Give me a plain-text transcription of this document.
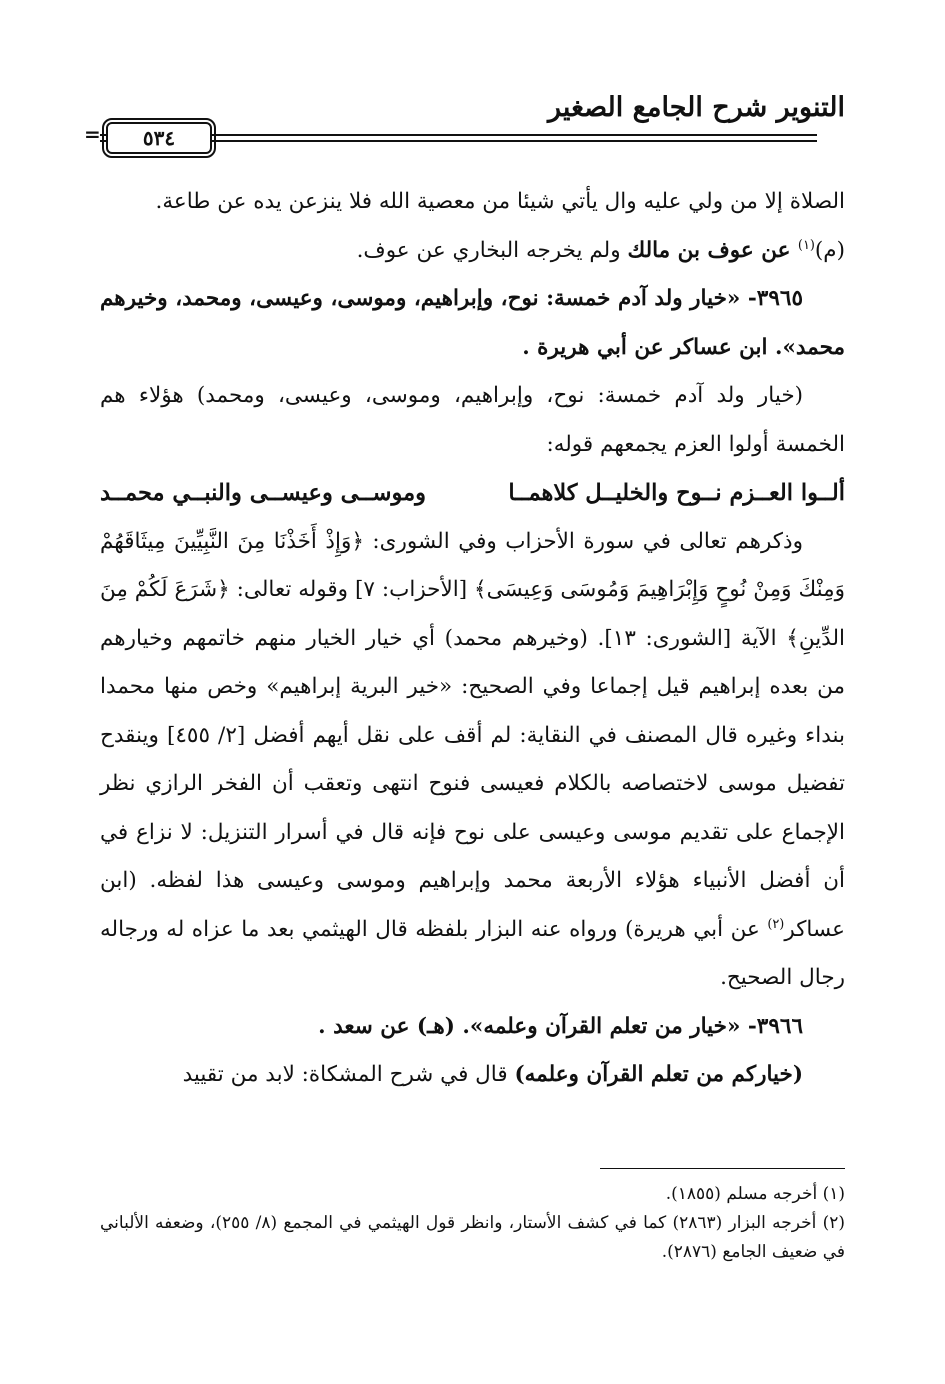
التنوير شرح الجامع الصغير
٥٣٤
=

الصلاة إلا من ولي عليه وال يأتي شيئا من معصية الله فلا ينزعن يده عن طاعة.

(م)$^{(١)}$ عن عوف بن مالك ولم يخرجه البخاري عن عوف.

٣٩٦٥- «خيار ولد آدم خمسة: نوح، وإبراهيم، وموسى، وعيسى، ومحمد، وخيرهم محمد». ابن عساكر عن أبي هريرة .

(خيار ولد آدم خمسة: نوح، وإبراهيم، وموسى، وعيسى، ومحمد) هؤلاء هم الخمسة أولوا العزم يجمعهم قوله:

ألــوا العــزم نــوح والخليــل كلاهمــا
وموســى وعيســى والنبــي محمــد

وذكرهم تعالى في سورة الأحزاب وفي الشورى: ﴿وَإِذْ أَخَذْنَا مِنَ النَّبِيِّينَ مِيثَاقَهُمْ وَمِنْكَ وَمِنْ نُوحٍ وَإِبْرَاهِيمَ وَمُوسَى وَعِيسَى﴾ [الأحزاب: ٧] وقوله تعالى: ﴿شَرَعَ لَكُمْ مِنَ الدِّينِ﴾ الآية [الشورى: ١٣]. (وخيرهم محمد) أي خيار الخيار منهم خاتمهم وخيارهم من بعده إبراهيم قيل إجماعا وفي الصحيح: «خير البرية إبراهيم» وخص منها محمدا بنداء وغيره قال المصنف في النقاية: لم أقف على نقل أيهم أفضل [٢/ ٤٥٥] وينقدح تفضيل موسى لاختصاصه بالكلام فعيسى فنوح انتهى وتعقب أن الفخر الرازي نظر الإجماع على تقديم موسى وعيسى على نوح فإنه قال في أسرار التنزيل: لا نزاع في أن أفضل الأنبياء هؤلاء الأربعة محمد وإبراهيم وموسى وعيسى هذا لفظه. (ابن عساكر$^{(٢)}$ عن أبي هريرة) ورواه عنه البزار بلفظه قال الهيثمي بعد ما عزاه له ورجاله رجال الصحيح.

٣٩٦٦- «خيار من تعلم القرآن وعلمه». (هـ) عن سعد .

(خياركم من تعلم القرآن وعلمه) قال في شرح المشكاة: لابد من تقييد

(١) أخرجه مسلم (١٨٥٥).

(٢) أخرجه البزار (٢٨٦٣) كما في كشف الأستار، وانظر قول الهيثمي في المجمع (٨/ ٢٥٥)، وضعفه الألباني في ضعيف الجامع (٢٨٧٦).
